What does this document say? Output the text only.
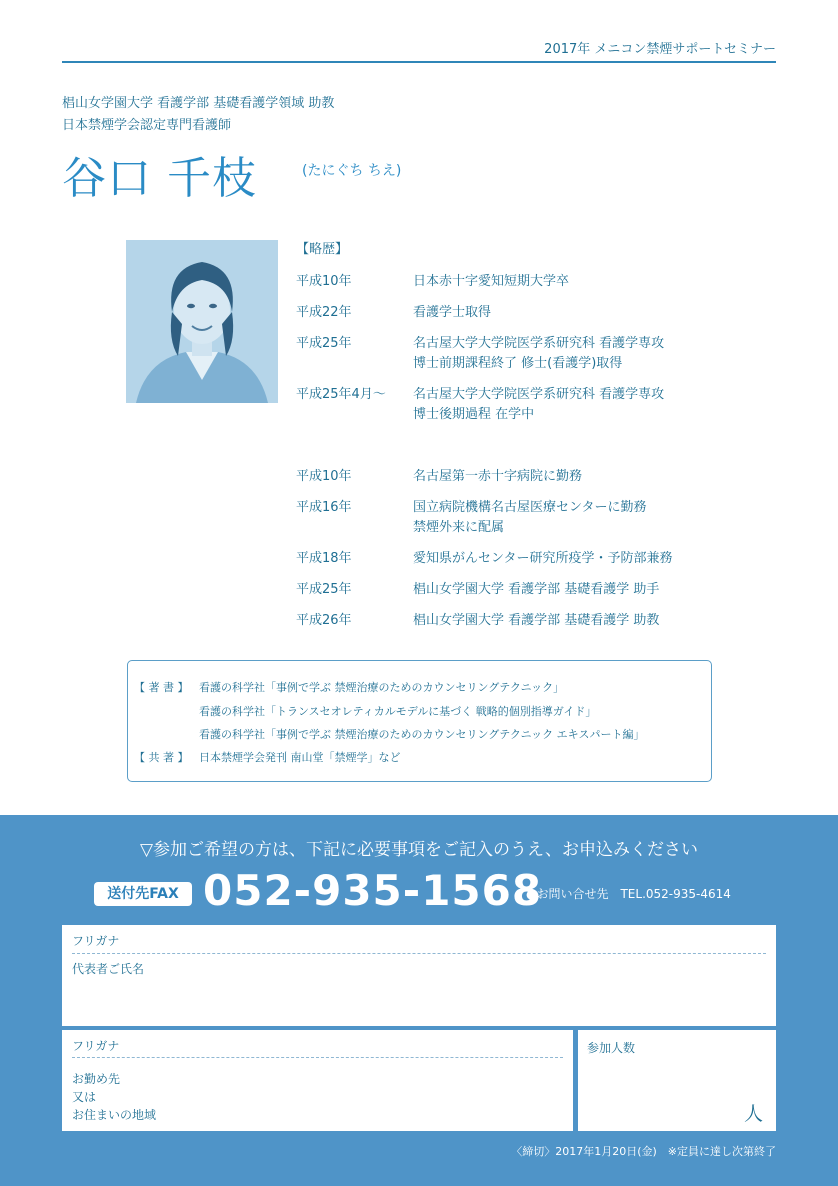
2017年 メニコン禁煙サポートセミナー
椙山女学園大学 看護学部 基礎看護学領域 助教
日本禁煙学会認定専門看護師
谷口 千枝	(たにぐち ちえ)
【略歴】
平成10年	日本赤十字愛知短期大学卒
平成22年	看護学士取得
平成25年	名古屋大学大学院医学系研究科 看護学専攻
博士前期課程終了 修士(看護学)取得
平成25年4月〜 名古屋大学大学院医学系研究科 看護学専攻
博士後期過程 在学中
平成10年	名古屋第一赤十字病院に勤務
平成16年	国立病院機構名古屋医療センターに勤務
禁煙外来に配属
平成18年	愛知県がんセンター研究所疫学・予防部兼務
平成25年	椙山女学園大学 看護学部 基礎看護学 助手
平成26年	椙山女学園大学 看護学部 基礎看護学 助教
【 著 書 】 看護の科学社「事例で学ぶ 禁煙治療のためのカウンセリングテクニック」
看護の科学社「トランスセオレティカルモデルに基づく 戦略的個別指導ガイド」
看護の科学社「事例で学ぶ 禁煙治療のためのカウンセリングテクニック エキスパート編」
【 共 著 】 日本禁煙学会発刊 南山堂「禁煙学」など
▽参加ご希望の方は、下記に必要事項をご記入のうえ、お申込みください
送付先FAX 052-935-1568
●お問い合せ先　TEL.052-935-4614
フリガナ
代表者ご氏名
フリガナ
お勤め先
又は
お住まいの地域
参加人数
人
〈締切〉2017年1月20日(金)　※定員に達し次第終了
